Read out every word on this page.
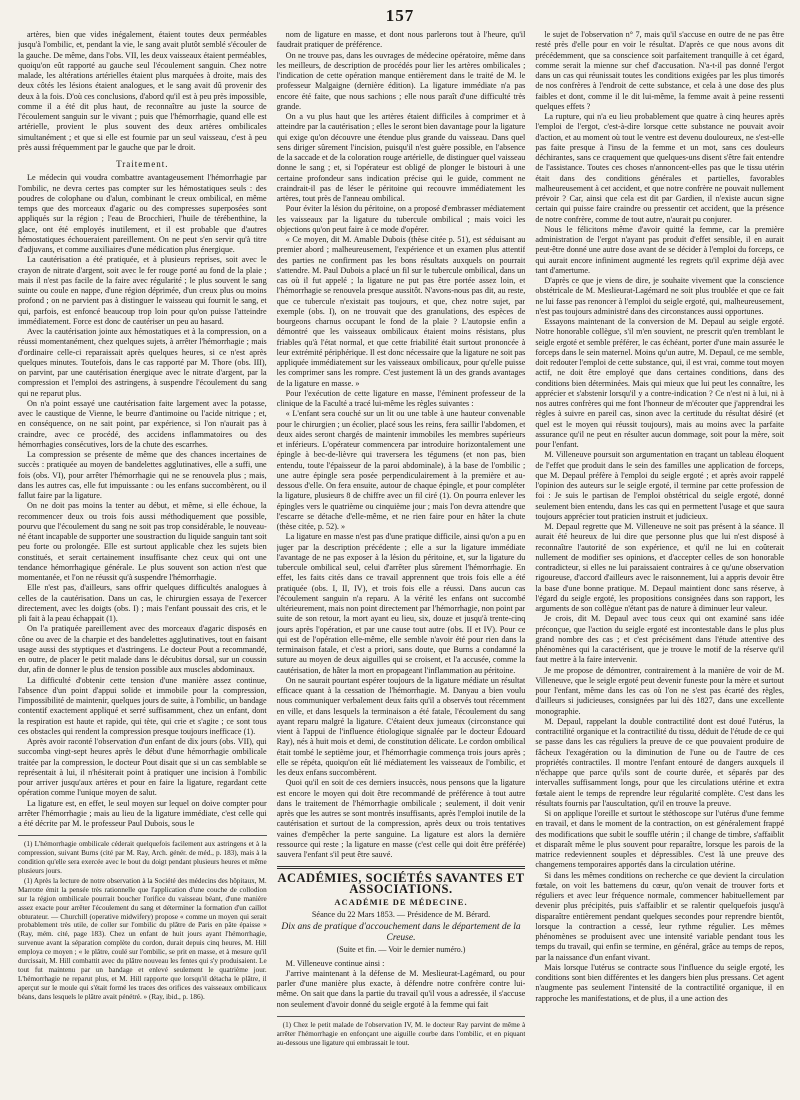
157

artères, bien que vides inégalement, étaient toutes deux perméables jusqu'à l'ombilic, et, pendant la vie, le sang avait plutôt semblé s'écouler de la gauche. De même, dans l'obs. VII, les deux vaisseaux étaient perméables, quoiqu'on eût rapporté au gauche seul l'écoulement sanguin. Chez notre malade, les altérations artérielles étaient plus marquées à droite, mais des deux côtés les lésions étaient analogues, et le sang avait dû provenir des deux à la fois. D'où ces conclusions, d'abord qu'il est à peu près impossible, comme il a été dit plus haut, de reconnaître au juste la source de l'écoulement sanguin sur le vivant ; puis que l'hémorrhagie, quand elle est artérielle, provient le plus souvent des deux artères ombilicales simultanément ; et que si elle est fournie par un seul vaisseau, c'est à peu près aussi fréquemment par le gauche que par le droit.

Traitement.

Le médecin qui voudra combattre avantageusement l'hémorrhagie par l'ombilic, ne devra certes pas compter sur les hémostatiques seuls : des poudres de colophane ou d'alun, combinant le creux ombilical, en même temps que des morceaux d'agaric ou des compresses superposées sont appliqués sur la région ; l'eau de Brocchieri, l'huile de térébenthine, la glace, ont été employés inutilement, et il est probable que d'autres hémostatiques échoueraient pareillement. On ne peut s'en servir qu'à titre d'adjuvans, et comme auxiliaires d'une médication plus énergique.

La cautérisation a été pratiquée, et à plusieurs reprises, soit avec le crayon de nitrate d'argent, soit avec le fer rouge porté au fond de la plaie ; mais il n'est pas facile de la faire avec régularité ; le plus souvent le sang suinte ou coule en nappe, d'une région déprimée, d'un creux plus ou moins profond ; on ne parvient pas à distinguer le vaisseau qui fournit le sang, et qui, parfois, est enfoncé beaucoup trop loin pour qu'on puisse l'atteindre immédiatement. Force est donc de cautériser un peu au hasard.

Avec la cautérisation jointe aux hémostatiques et à la compression, on a réussi momentanément, chez quelques sujets, à arrêter l'hémorrhagie ; mais d'ordinaire celle-ci reparaissait après quelques heures, si ce n'est après quelques minutes. Toutefois, dans le cas rapporté par M. Thore (obs. III), on parvint, par une cautérisation énergique avec le nitrate d'argent, par la compression et l'emploi des astringens, à suspendre l'écoulement du sang qui ne reparut plus.

On n'a point essayé une cautérisation faite largement avec la potasse, avec le caustique de Vienne, le beurre d'antimoine ou l'acide nitrique ; et, en conséquence, on ne sait point, par expérience, si l'on n'aurait pas à craindre, avec ce procédé, des accidens inflammatoires ou des hémorrhagies consécutives, lors de la chute des escarrhes.

La compression se présente de même que des chances incertaines de succès : pratiquée au moyen de bandelettes agglutinatives, elle a suffi, une fois (obs. VI), pour arrêter l'hémorrhagie qui ne se renouvela plus ; mais, dans les autres cas, elle fut impuissante : ou les enfans succombèrent, ou il fallut faire par la ligature.

On ne doit pas moins la tenter au début, et même, si elle échoue, la recommencer deux ou trois fois aussi méthodiquement que possible, pourvu que l'écoulement du sang ne soit pas trop considérable, le nouveau-né étant incapable de supporter une soustraction du liquide sanguin tant soit peu forte ou prolongée. Elle est surtout applicable chez les sujets bien constitués, et serait certainement insuffisante chez ceux qui ont une tendance hémorrhagique générale. Le plus souvent son action n'est que momentanée, et l'on ne réussit qu'à suspendre l'hémorrhagie.

Elle n'est pas, d'ailleurs, sans offrir quelques difficultés analogues à celles de la cautérisation. Dans un cas, le chirurgien essaya de l'exercer directement, avec les doigts (obs. I) ; mais l'enfant poussait des cris, et le pli fait à la peau échappait (1).

On l'a pratiquée pareillement avec des morceaux d'agaric disposés en cône ou avec de la charpie et des bandelettes agglutinatives, tout en faisant usage aussi des styptiques et d'astringens. Le docteur Pout a recommandé, en outre, de placer le petit malade dans le décubitus dorsal, sur un coussin dur, afin de donner le plus de tension possible aux muscles abdominaux.

La difficulté d'obtenir cette tension d'une manière assez continue, l'absence d'un point d'appui solide et immobile pour la compression, l'impossibilité de maintenir, quelques jours de suite, à l'ombilic, un bandage contentif exactement appliqué et serré suffisamment, chez un enfant, dont la respiration est haute et rapide, qui tète, qui crie et s'agite ; ce sont tous ces obstacles qui rendent la compression presque toujours inefficace (1).

Après avoir raconté l'observation d'un enfant de dix jours (obs. VII), qui succomba vingt-sept heures après le début d'une hémorrhagie ombilicale traitée par la compression, le docteur Pout disait que si un cas semblable se représentait à lui, il n'hésiterait point à pratiquer une incision à l'ombilic pour arriver jusqu'aux artères et pour en faire la ligature, regardant cette opération comme l'unique moyen de salut.

La ligature est, en effet, le seul moyen sur lequel on doive compter pour arrêter l'hémorrhagie ; mais au lieu de la ligature immédiate, c'est celle qui a été décrite par M. le professeur Paul Dubois, sous le

(1) L'hémorrhagie ombilicale céderait quelquefois facilement aux astringens et à la compression, suivant Burns (cité par M. Ray, Arch. génér. de méd., p. 183), mais à la condition qu'elle sera exercée avec le bout du doigt pendant plusieurs heures et même plusieurs jours.

(1) Après la lecture de notre observation à la Société des médecins des hôpitaux, M. Marrotte émit la pensée très rationnelle que l'application d'une couche de collodion sur la région ombilicale pourrait boucher l'orifice du vaisseau béant, d'une manière assez exacte pour arrêter l'écoulement du sang et déterminer la formation d'un caillot obturateur. — Churchill (operative midwifery) propose « comme un moyen qui serait probablement très utile, de coller sur l'ombilic du plâtre de Paris en pâte épaisse » (Ray, mém. cité, page 183). Chez un enfant de huit jours ayant l'hémorrhagie, survenue avant la séparation complète du cordon, durait depuis cinq heures, M. Hill employa ce moyen ; « le plâtre, coulé sur l'ombilic, se prit en masse, et à mesure qu'il durcissait, M. Hill combattit avec du plâtre nouveau les fentes qui s'y produisaient. Le tout fut maintenu par un bandage et enlevé seulement le quatrième jour. L'hémorrhagie ne reparut plus, et M. Hill rapporte que lorsqu'il détacha le plâtre, il aperçut sur le moule qui s'était formé les traces des orifices des vaisseaux ombilicaux béans, dans lesquels le plâtre avait pénétré. » (Ray, ibid., p. 186).

nom de ligature en masse, et dont nous parlerons tout à l'heure, qu'il faudrait pratiquer de préférence.

On ne trouve pas, dans les ouvrages de médecine opératoire, même dans les meilleurs, de description de procédés pour lier les artères ombilicales ; l'indication de cette opération manque entièrement dans le traité de M. le professeur Malgaigne (dernière édition). La ligature immédiate n'a pas encore été faite, que nous sachions ; elle nous paraît d'une difficulté très grande.

On a vu plus haut que les artères étaient difficiles à comprimer et à atteindre par la cautérisation ; elles le seront bien davantage pour la ligature qui exige qu'on découvre une étendue plus grande du vaisseau. Dans quel sens diriger sûrement l'incision, puisqu'il n'est guère possible, en l'absence de la saccade et de la coloration rouge artérielle, de distinguer quel vaisseau donne le sang ; et, si l'opérateur est obligé de plonger le bistouri à une certaine profondeur sans indication précise qui le guide, comment ne craindrait-il pas de léser le péritoine qui recouvre immédiatement les artères, tout près de l'anneau ombilical.

Pour éviter la lésion du péritoine, on a proposé d'embrasser médiatement les vaisseaux par la ligature du tubercule ombilical ; mais voici les objections qu'on peut faire à ce mode d'opérer.

« Ce moyen, dit M. Amable Dubois (thèse citée p. 51), est séduisant au premier abord ; malheureusement, l'expérience et un examen plus attentif des parties ne confirment pas les bons résultats auxquels on pourrait s'attendre. M. Paul Dubois a placé un fil sur le tubercule ombilical, dans un cas où il fut appelé ; la ligature ne put pas être portée assez loin, et l'hémorrhagie se renouvela presque aussitôt. N'avons-nous pas dit, au reste, que ce tubercule n'existait pas toujours, et que, chez notre sujet, par exemple (obs. I), on ne trouvait que des granulations, des espèces de bourgeons charnus occupant le fond de la plaie ? L'autopsie enfin a démontré que les vaisseaux ombilicaux étaient moins résistans, plus friables qu'à l'état normal, et que cette friabilité était surtout prononcée à leur extrémité périphérique. Il est donc nécessaire que la ligature ne soit pas appliquée immédiatement sur les vaisseaux ombilicaux, pour qu'elle puisse les comprimer sans les rompre. C'est justement là un des grands avantages de la ligature en masse. »

Pour l'exécution de cette ligature en masse, l'éminent professeur de la clinique de la Faculté a tracé lui-même les règles suivantes :

« L'enfant sera couché sur un lit ou une table à une hauteur convenable pour le chirurgien ; un écolier, placé sous les reins, fera saillir l'abdomen, et deux aides seront chargés de maintenir immobiles les membres supérieurs et inférieurs. L'opérateur commencera par introduire horizontalement une épingle à bec-de-lièvre qui traversera les tégumens (et non pas, bien entendu, toute l'épaisseur de la paroi abdominale), à la base de l'ombilic ; une autre épingle sera posée perpendiculairement à la première et au-dessous d'elle. On fera ensuite, autour de chaque épingle, et pour compléter la ligature, plusieurs 8 de chiffre avec un fil ciré (1). On pourra enlever les épingles vers le quatrième ou cinquième jour ; mais l'on devra attendre que l'escarre se détache d'elle-même, et ne rien faire pour en hâter la chute (thèse citée, p. 52). »

La ligature en masse n'est pas d'une pratique difficile, ainsi qu'on a pu en juger par la description précédente ; elle a sur la ligature immédiate l'avantage de ne pas exposer à la lésion du péritoine, et, sur la ligature du tubercule ombilical seul, celui d'arrêter plus sûrement l'hémorrhagie. En effet, les faits cités dans ce travail apprennent que trois fois elle a été pratiquée (obs. I, II, IV), et trois fois elle a réussi. Dans aucun cas l'écoulement sanguin n'a reparu. A la vérité les enfans ont succombé ultérieurement, mais non point directement par l'hémorrhagie, non point par suite de son retour, la mort ayant eu lieu, six, douze et jusqu'à trente-cinq jours après l'opération, et par une cause tout autre (obs. II et IV). Pour ce qui est de l'opération elle-même, elle semble n'avoir été pour rien dans la terminaison fatale, et c'est a priori, sans doute, que Burns a condamné la suture au moyen de deux aiguilles qui se croisent, et l'a accusée, comme la cautérisation, de hâter la mort en propageant l'inflammation au péritoine.

On ne saurait pourtant espérer toujours de la ligature médiate un résultat efficace quant à la cessation de l'hémorrhagie. M. Danyau a bien voulu nous communiquer verbalement deux faits qu'il a observés tout récemment en ville, et dans lesquels la terminaison a été fatale, l'écoulement du sang ayant reparu malgré la ligature. C'étaient deux jumeaux (circonstance qui vient à l'appui de l'influence étiologique signalée par le docteur Édouard Ray), nés à huit mois et demi, de constitution délicate. Le cordon ombilical était tombé le septième jour, et l'hémorrhagie commença trois jours après ; elle se répéta, quoiqu'on eût lié médiatement les vaisseaux de l'ombilic, et les deux enfans succombèrent.

Quoi qu'il en soit de ces derniers insuccès, nous pensons que la ligature est encore le moyen qui doit être recommandé de préférence à tout autre dans le traitement de l'hémorrhagie ombilicale ; seulement, il doit venir après que les autres se sont montrés insuffisants, après l'emploi inutile de la cautérisation et surtout de la compression, après deux ou trois tentatives vaines d'empêcher la perte sanguine. La ligature est alors la dernière ressource qui reste ; la ligature en masse (c'est celle qui doit être préférée) sauvera l'enfant s'il peut être sauvé.

ACADÉMIES, SOCIÉTÉS SAVANTES ET ASSOCIATIONS.
ACADÉMIE DE MÉDECINE.
Séance du 22 Mars 1853. — Présidence de M. Bérard.
Dix ans de pratique d'accouchement dans le département de la Creuse.
(Suite et fin. — Voir le dernier numéro.)

M. Villeneuve continue ainsi :

J'arrive maintenant à la défense de M. Meslieurat-Lagémard, ou pour parler d'une manière plus exacte, à défendre notre confrère contre lui-même. On sait que dans la partie du travail qu'il vous a adressée, il s'accuse non seulement d'avoir donné du seigle ergoté à la femme qui fait

(1) Chez le petit malade de l'observation IV, M. le docteur Ray parvint de même à arrêter l'hémorrhagie en enfonçant une aiguille courbe dans l'ombilic, et en piquant au-dessous une ligature qui embrassait le tout.

le sujet de l'observation n° 7, mais qu'il s'accuse en outre de ne pas être resté près d'elle pour en voir le résultat. D'après ce que nous avons dit précédemment, que sa conscience soit parfaitement tranquille à cet égard, comme serait la mienne sur chef d'accusation. N'a-t-il pas donné l'ergot dans un cas qui réunissait toutes les conditions exigées par les plus timorés de nos confrères à l'endroit de cette substance, et cela à une dose des plus faibles et dont, comme il le dit lui-même, la femme avait à peine ressenti quelques effets ?

La rupture, qui n'a eu lieu probablement que quatre à cinq heures après l'emploi de l'ergot, c'est-à-dire lorsque cette substance ne pouvait avoir d'action, et au moment où tout le ventre est devenu douloureux, ne s'est-elle pas faite presque à l'insu de la femme et un mot, sans ces douleurs déchirantes, sans ce craquement que quelques-uns disent s'être fait entendre de l'assistance. Toutes ces choses n'annoncent-elles pas que le tissu utérin était dans des conditions générales et partielles, favorables malheureusement à cet accident, et que notre confrère ne pouvait nullement prévoir ? Car, ainsi que cela est dit par Gardien, il n'existe aucun signe certain qui puisse faire craindre ou pressentir cet accident, que la présence de notre confrère, comme de tout autre, n'aurait pu conjurer.

Nous le félicitons même d'avoir quitté la femme, car la première administration de l'ergot n'ayant pas produit d'effet sensible, il en aurait peut-être donné une autre dose avant de se décider à l'emploi du forceps, ce qui aurait encore infiniment augmenté les regrets qu'il exprime déjà avec tant d'amertume.

D'après ce que je viens de dire, je souhaite vivement que la conscience obstétricale de M. Meslieurat-Lagémard ne soit plus troublée et que ce fait ne lui fasse pas renoncer à l'emploi du seigle ergoté, qui, malheureusement, n'est pas toujours administré dans des circonstances aussi opportunes.

Essayons maintenant de la conversion de M. Depaul au seigle ergoté. Notre honorable collègue, s'il m'en souvient, ne prescrit qu'en tremblant le seigle ergoté et semble préférer, le cas échéant, porter d'une main assurée le forceps dans le sein maternel. Moins qu'un autre, M. Depaul, ce me semble, doit redouter l'emploi de cette substance, qui, il est vrai, comme tout moyen actif, ne doit être employé que dans certaines conditions, dans des conditions bien déterminées. Mais qui mieux que lui peut les connaître, les apprécier et s'abstenir lorsqu'il y a contre-indication ? Ce n'est ni à lui, ni à nos autres confrères qui me font l'honneur de m'écouter que j'apprendrai les règles à suivre en pareil cas, sinon avec la certitude du résultat désiré (et quel est le moyen qui réussit toujours), mais au moins avec la parfaite assurance qu'il ne peut en résulter aucun dommage, soit pour la mère, soit pour l'enfant.

M. Villeneuve poursuit son argumentation en traçant un tableau éloquent de l'effet que produit dans le sein des familles une application de forceps, que M. Depaul préfère à l'emploi du seigle ergoté ; et après avoir rappelé l'opinion des auteurs sur le seigle ergoté, il termine par cette profession de foi : Je suis le partisan de l'emploi obstétrical du seigle ergoté, donné seulement bien entendu, dans les cas qui en permettent l'usage et que saura toujours apprécier tout praticien instruit et judicieux.

M. Depaul regrette que M. Villeneuve ne soit pas présent à la séance. Il aurait été heureux de lui dire que personne plus que lui n'est disposé à reconnaître l'autorité de son expérience, et qu'il ne lui en coûterait nullement de modifier ses opinions, et d'accepter celles de son honorable contradicteur, si elles ne lui paraissaient contraires à ce qu'une observation rigoureuse, d'accord d'ailleurs avec le raisonnement, lui a appris devoir être la base d'une bonne pratique. M. Depaul maintient donc sans réserve, à l'égard du seigle ergoté, les propositions consignées dans son rapport, les arguments de son collègue n'étant pas de nature à diminuer leur valeur.

Je crois, dit M. Depaul avec tous ceux qui ont examiné sans idée préconçue, que l'action du seigle ergoté est incontestable dans le plus plus grand nombre des cas ; et c'est précisément dans l'étude attentive des phénomènes qui la caractérisent, que je trouve le motif de la réserve qu'il faut mettre à la faire intervenir.

Je me propose de démontrer, contrairement à la manière de voir de M. Villeneuve, que le seigle ergoté peut devenir funeste pour la mère et surtout pour l'enfant, même dans les cas où l'on ne s'est pas écarté des règles, d'ailleurs si judicieuses, consignées par lui dès 1827, dans une excellente monographie.

M. Depaul, rappelant la double contractilité dont est doué l'utérus, la contractilité organique et la contractilité du tissu, déduit de l'étude de ce qui se passe dans les cas réguliers la preuve de ce que pouvaient produire de fâcheux l'exagération ou la diminution de l'une ou de l'autre de ces propriétés contractiles. Il montre l'enfant entouré de dangers auxquels il n'échappe que parce qu'ils sont de courte durée, et séparés par des intervalles suffisamment longs, pour que les circulations utérine et extra fœtale aient le temps de reprendre leur régularité complète. C'est dans les résultats fournis par l'auscultation, qu'il en trouve la preuve.

Si on applique l'oreille et surtout le stéthoscope sur l'utérus d'une femme en travail, et dans le moment de la contraction, on est généralement frappé des modifications que subit le souffle utérin ; il change de timbre, s'affaiblit et disparaît même le plus souvent pour reparaître, lorsque les parois de la matrice redeviennent souples et dépressibles. C'est là une preuve des changemens temporaires apportés dans la circulation utérine.

Si dans les mêmes conditions on recherche ce que devient la circulation fœtale, on voit les battemens du cœur, qu'on venait de trouver forts et réguliers et avec leur fréquence normale, commencer habituellement par devenir plus précipités, puis s'affaiblir et se ralentir quelquefois jusqu'à disparaître entièrement pendant quelques secondes pour reprendre bientôt, lorsque la contraction a cessé, leur rythme régulier. Les mêmes phénomènes se produisent avec une intensité variable pendant tous les temps du travail, qui enfin se termine, en général, grâce au temps de repos, par la naissance d'un enfant vivant.

Mais lorsque l'utérus se contracte sous l'influence du seigle ergoté, les conditions sont bien différentes et les dangers bien plus pressans. Cet agent n'augmente pas seulement l'intensité de la contractilité organique, il en rapproche les manifestations, et de plus, il a une action des
